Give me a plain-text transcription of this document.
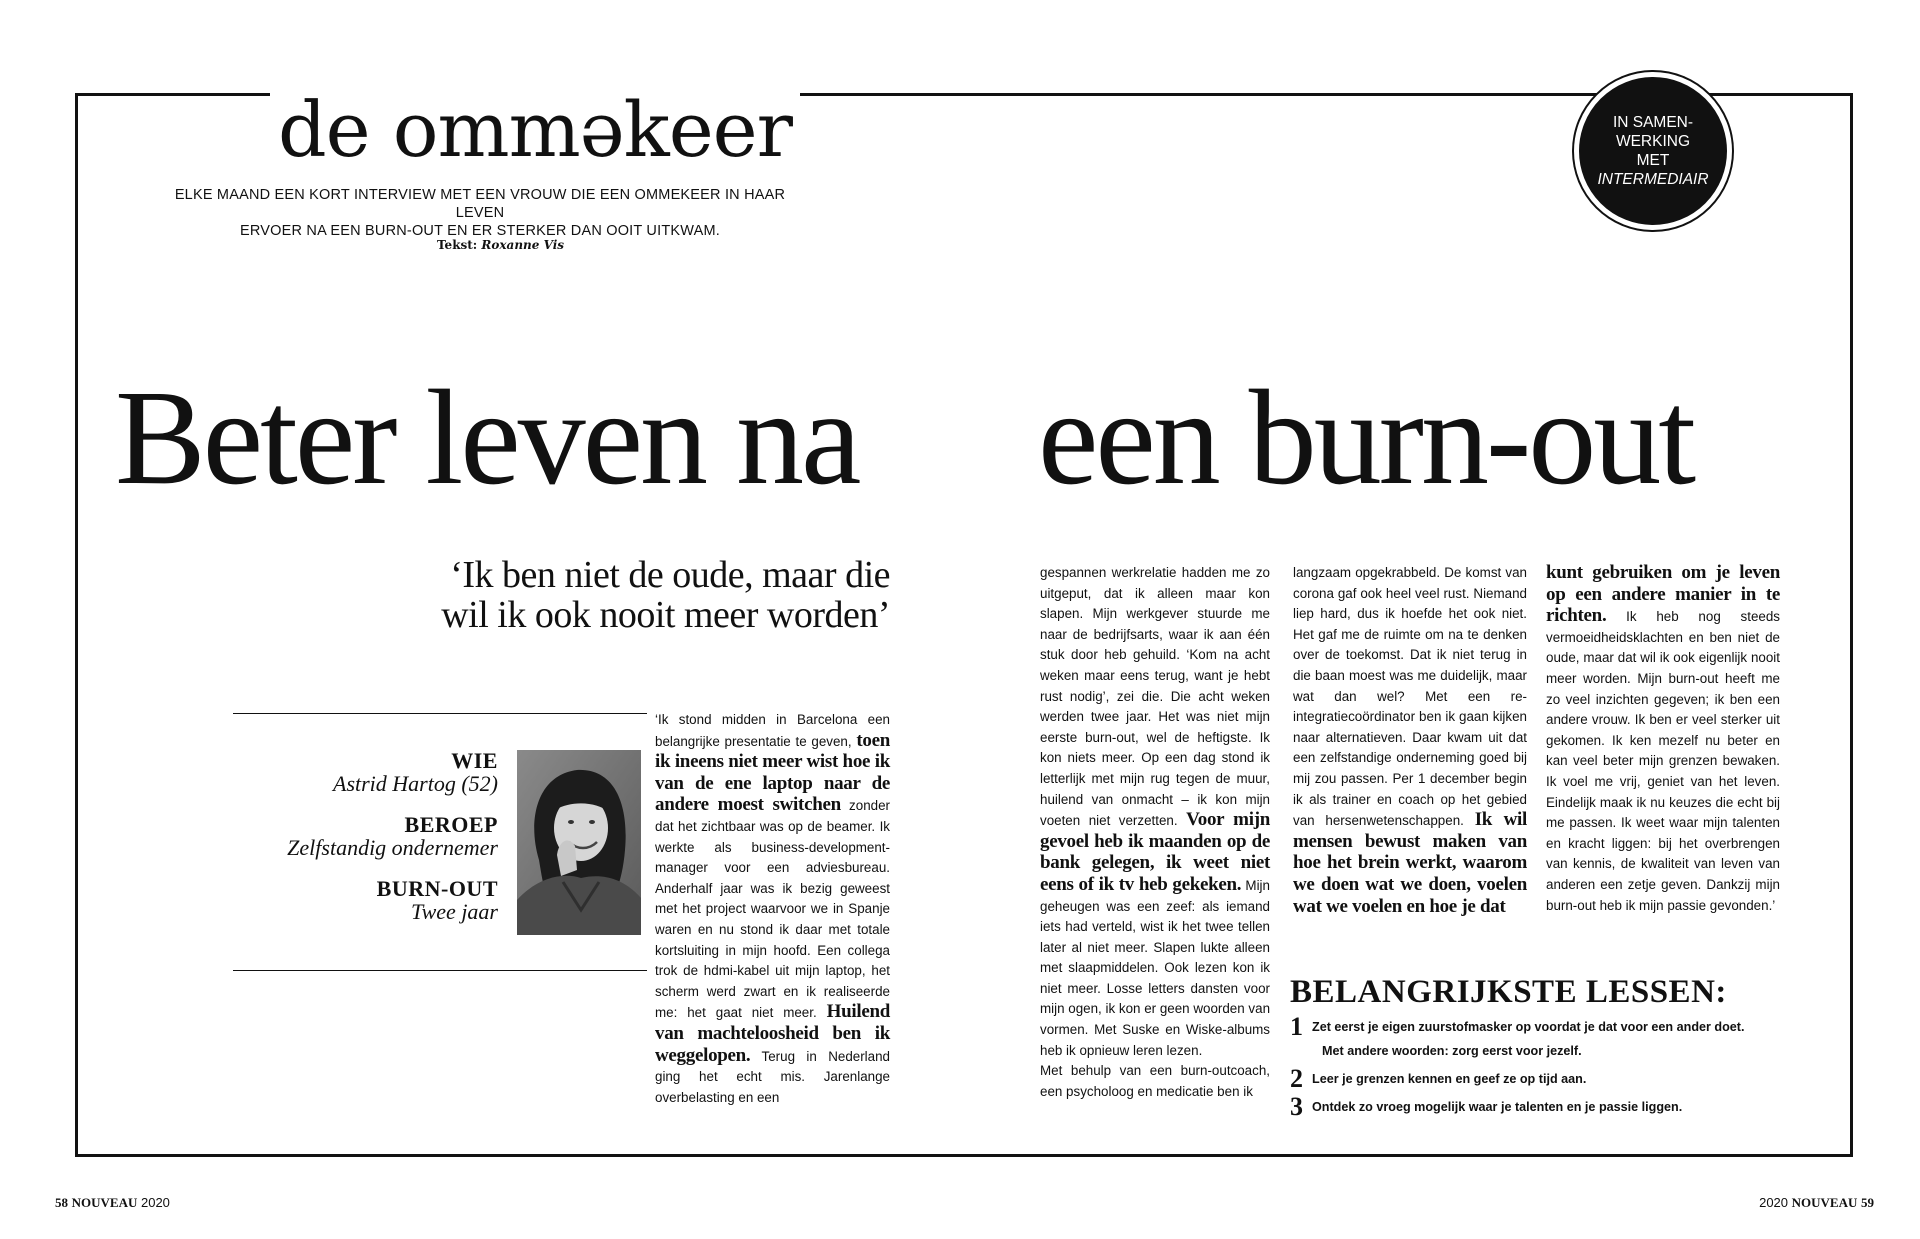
de omməkeer
ELKE MAAND EEN KORT INTERVIEW MET EEN VROUW DIE EEN OMMEKEER IN HAAR LEVEN
ERVOER NA EEN BURN-OUT EN ER STERKER DAN OOIT UITKWAM.
Tekst: Roxanne Vis
IN SAMEN-
WERKING
MET
INTERMEDIAIR
Beter leven na een burn-out
‘Ik ben niet de oude, maar die
wil ik ook nooit meer worden’
WIE
Astrid Hartog (52)
BEROEP
Zelfstandig ondernemer
BURN-OUT
Twee jaar
‘Ik stond midden in Barcelona een belangrijke presentatie te geven, toen ik ineens niet meer wist hoe ik van de ene laptop naar de andere moest switchen zonder dat het zichtbaar was op de beamer. Ik werkte als business-development-manager voor een adviesbureau. Anderhalf jaar was ik bezig geweest met het project waarvoor we in Spanje waren en nu stond ik daar met totale kortsluiting in mijn hoofd. Een collega trok de hdmi-kabel uit mijn laptop, het scherm werd zwart en ik realiseerde me: het gaat niet meer. Huilend van machteloosheid ben ik weggelopen. Terug in Nederland ging het echt mis. Jarenlange overbelasting en een
gespannen werkrelatie hadden me zo uitgeput, dat ik alleen maar kon slapen. Mijn werkgever stuurde me naar de bedrijfsarts, waar ik aan één stuk door heb gehuild. ‘Kom na acht weken maar eens terug, want je hebt rust nodig’, zei die. Die acht weken werden twee jaar. Het was niet mijn eerste burn-out, wel de heftigste. Ik kon niets meer. Op een dag stond ik letterlijk met mijn rug tegen de muur, huilend van onmacht – ik kon mijn voeten niet verzetten. Voor mijn gevoel heb ik maanden op de bank gelegen, ik weet niet eens of ik tv heb gekeken. Mijn geheugen was een zeef: als iemand iets had verteld, wist ik het twee tellen later al niet meer. Slapen lukte alleen met slaapmiddelen. Ook lezen kon ik niet meer. Losse letters dansten voor mijn ogen, ik kon er geen woorden van vormen. Met Suske en Wiske-albums heb ik opnieuw leren lezen.
Met behulp van een burn-outcoach, een psycholoog en medicatie ben ik
langzaam opgekrabbeld. De komst van corona gaf ook heel veel rust. Niemand liep hard, dus ik hoefde het ook niet. Het gaf me de ruimte om na te denken over de toekomst. Dat ik niet terug in die baan moest was me duidelijk, maar wat dan wel? Met een re-integratiecoördinator ben ik gaan kijken naar alternatieven. Daar kwam uit dat een zelfstandige onderneming goed bij mij zou passen. Per 1 december begin ik als trainer en coach op het gebied van hersenwetenschappen. Ik wil mensen bewust maken van hoe het brein werkt, waarom we doen wat we doen, voelen wat we voelen en hoe je dat
kunt gebruiken om je leven op een andere manier in te richten. Ik heb nog steeds vermoeidheidsklachten en ben niet de oude, maar dat wil ik ook eigenlijk nooit meer worden. Mijn burn-out heeft me zo veel inzichten gegeven; ik ben een andere vrouw. Ik ben er veel sterker uit gekomen. Ik ken mezelf nu beter en kan veel beter mijn grenzen bewaken. Ik voel me vrij, geniet van het leven. Eindelijk maak ik nu keuzes die echt bij me passen. Ik weet waar mijn talenten en kracht liggen: bij het overbrengen van kennis, de kwaliteit van leven van anderen een zetje geven. Dankzij mijn burn-out heb ik mijn passie gevonden.’
BELANGRIJKSTE LESSEN:
1 Zet eerst je eigen zuurstofmasker op voordat je dat voor een ander doet.
Met andere woorden: zorg eerst voor jezelf.
2 Leer je grenzen kennen en geef ze op tijd aan.
3 Ontdek zo vroeg mogelijk waar je talenten en je passie liggen.
58 NOUVEAU 2020	2020 NOUVEAU 59
